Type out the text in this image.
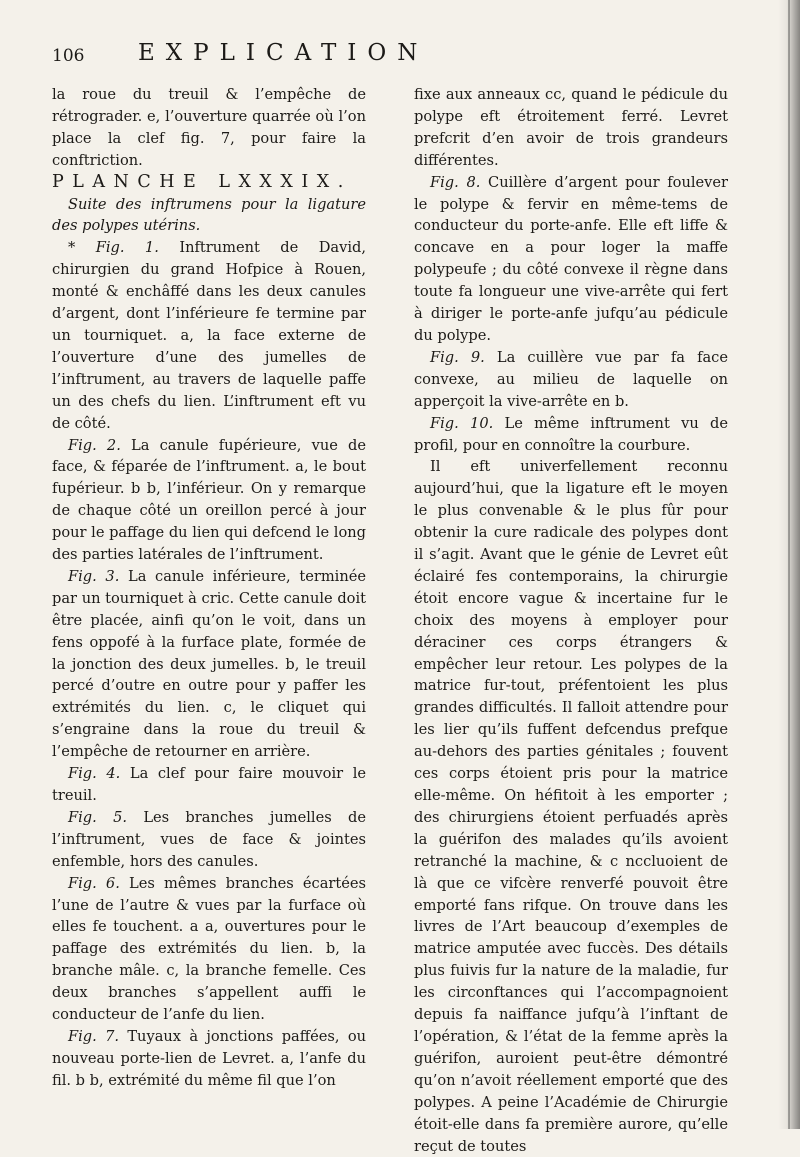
106 EXPLICATION

la roue du treuil & l’empêche de rétrograder. e, l’ouverture quarrée où l’on place la clef fig. 7, pour faire la conftriction.

PLANCHE LXXXIX.

Suite des inftrumens pour la ligature des polypes utérins.

* Fig. 1. Inftrument de David, chirurgien du grand Hofpice à Rouen, monté & enchâffé dans les deux canules d’argent, dont l’inférieure fe termine par un tourniquet. a, la face externe de l’ouverture d’une des jumelles de l’inftrument, au travers de laquelle paffe un des chefs du lien. L’inftrument eft vu de côté.

Fig. 2. La canule fupérieure, vue de face, & féparée de l’inftrument. a, le bout fupérieur. b b, l’inférieur. On y remarque de chaque côté un oreillon percé à jour pour le paffage du lien qui defcend le long des parties latérales de l’inftrument.

Fig. 3. La canule inférieure, terminée par un tourniquet à cric. Cette canule doit être placée, ainfi qu’on le voit, dans un fens oppofé à la furface plate, formée de la jonction des deux jumelles. b, le treuil percé d’outre en outre pour y paffer les extrémités du lien. c, le cliquet qui s’engraine dans la roue du treuil & l’empêche de retourner en arrière.

Fig. 4. La clef pour faire mouvoir le treuil.

Fig. 5. Les branches jumelles de l’inftrument, vues de face & jointes enfemble, hors des canules.

Fig. 6. Les mêmes branches écartées l’une de l’autre & vues par la furface où elles fe touchent. a a, ouvertures pour le paffage des extrémités du lien. b, la branche mâle. c, la branche femelle. Ces deux branches s’appellent auffi le conducteur de l’anfe du lien.

Fig. 7. Tuyaux à jonctions paffées, ou nouveau porte-lien de Levret. a, l’anfe du fil. b b, extrémité du même fil que l’on

fixe aux anneaux cc, quand le pédicule du polype eft étroitement ferré. Levret prefcrit d’en avoir de trois grandeurs différentes.

Fig. 8. Cuillère d’argent pour foulever le polype & fervir en même-tems de conducteur du porte-anfe. Elle eft liffe & concave en a pour loger la maffe polypeufe ; du côté convexe il règne dans toute fa longueur une vive-arrête qui fert à diriger le porte-anfe jufqu’au pédicule du polype.

Fig. 9. La cuillère vue par fa face convexe, au milieu de laquelle on apperçoit la vive-arrête en b.

Fig. 10. Le même inftrument vu de profil, pour en connoître la courbure.

Il eft univerfellement reconnu aujourd’hui, que la ligature eft le moyen le plus convenable & le plus fûr pour obtenir la cure radicale des polypes dont il s’agit. Avant que le génie de Levret eût éclairé fes contemporains, la chirurgie étoit encore vague & incertaine fur le choix des moyens à employer pour déraciner ces corps étrangers & empêcher leur retour. Les polypes de la matrice fur-tout, préfentoient les plus grandes difficultés. Il falloit attendre pour les lier qu’ils fuffent defcendus prefque au-dehors des parties génitales ; fouvent ces corps étoient pris pour la matrice elle-même. On héfitoit à les emporter ; des chirurgiens étoient perfuadés après la guérifon des malades qu’ils avoient retranché la machine, & c nccluoient de là que ce vifcère renverfé pouvoit être emporté fans rifque. On trouve dans les livres de l’Art beaucoup d’exemples de matrice amputée avec fuccès. Des détails plus fuivis fur la nature de la maladie, fur les circonftances qui l’accompagnoient depuis fa naiffance jufqu’à l’inftant de l’opération, & l’état de la femme après la guérifon, auroient peut-être démontré qu’on n’avoit réellement emporté que des polypes. A peine l’Académie de Chirurgie étoit-elle dans fa première aurore, qu’elle reçut de toutes
